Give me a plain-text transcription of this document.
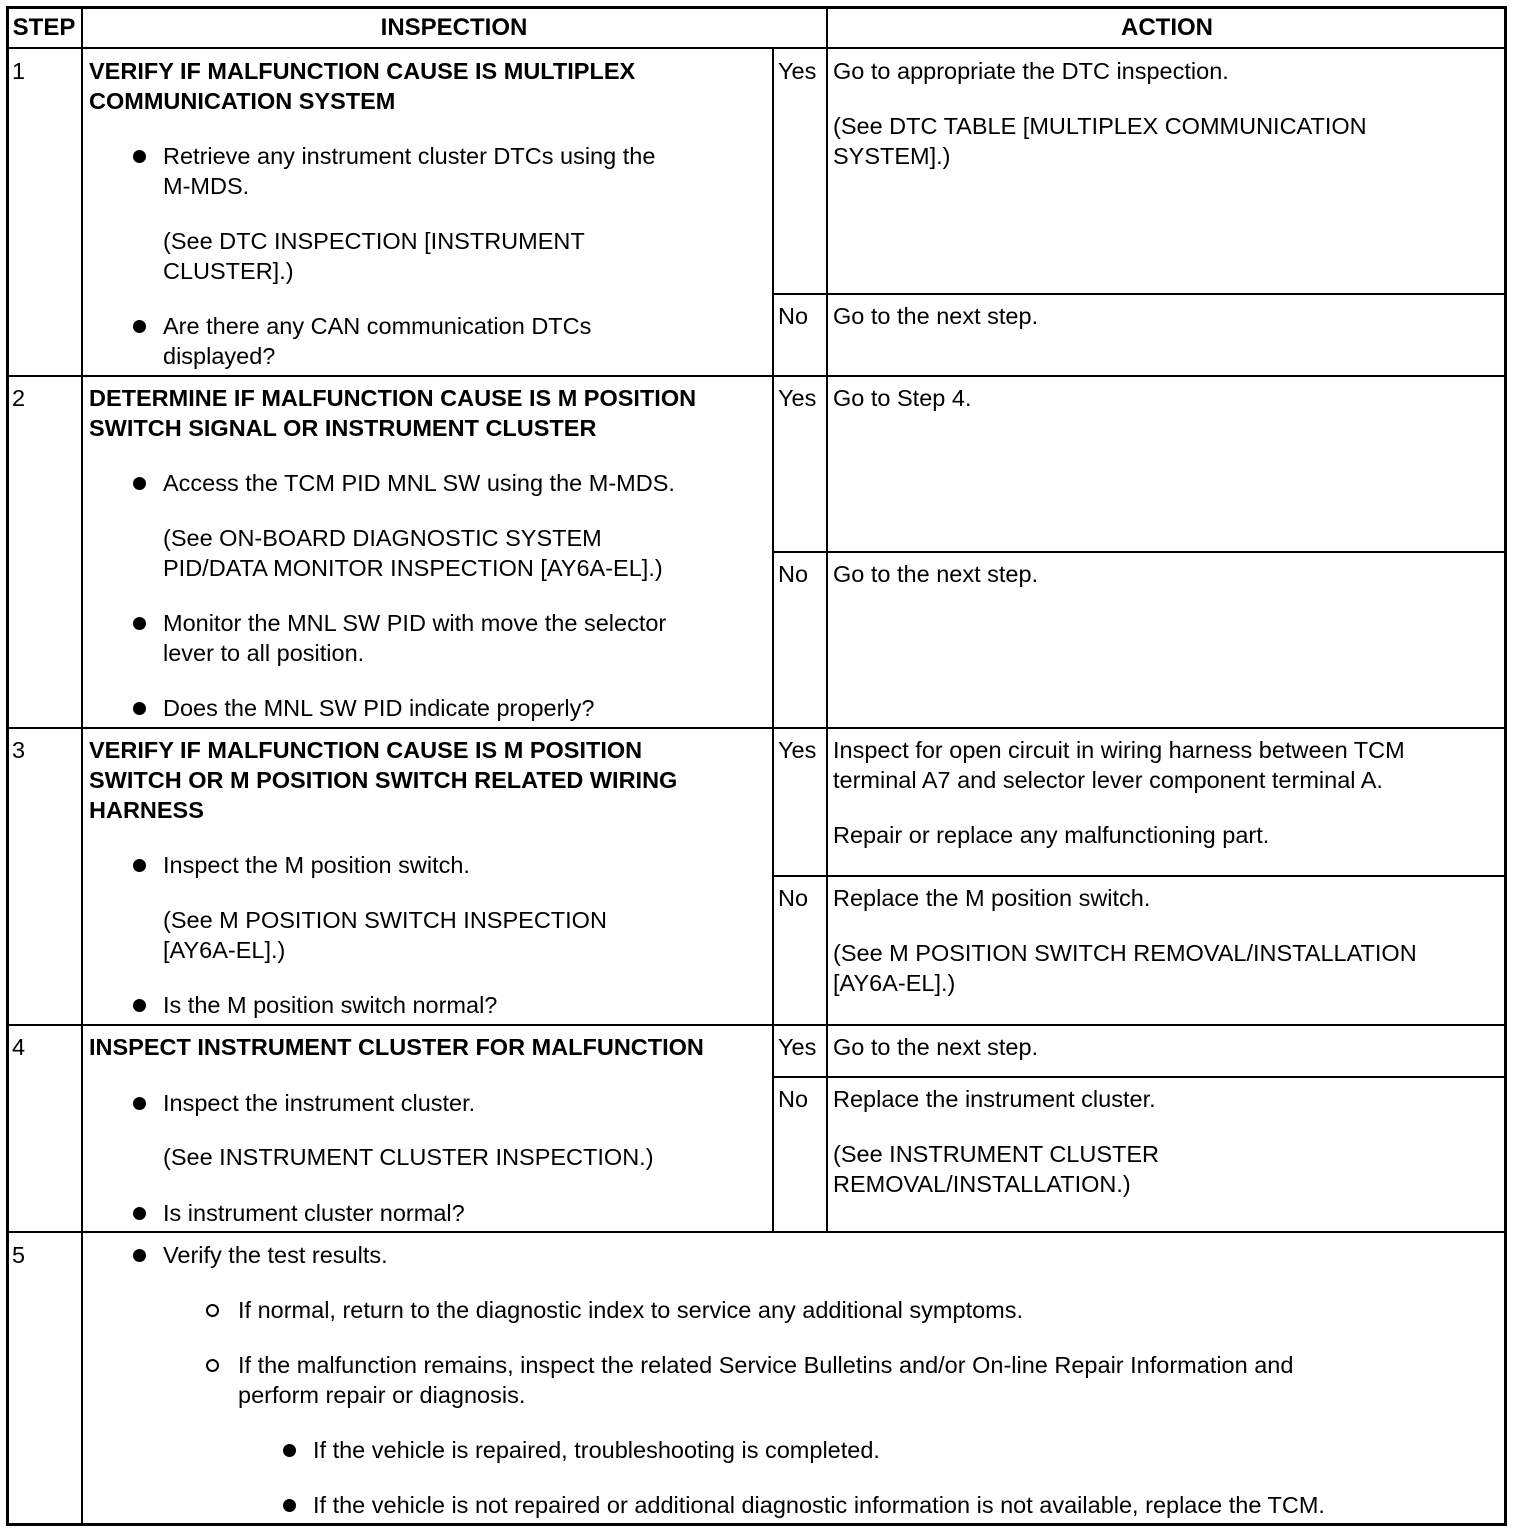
STEP	INSPECTION	ACTION
1	VERIFY IF MALFUNCTION CAUSE IS MULTIPLEX
COMMUNICATION SYSTEM
Retrieve any instrument cluster DTCs using the
M-MDS.
(See DTC INSPECTION [INSTRUMENT
CLUSTER].)
Are there any CAN communication DTCs
displayed?
Yes Go to appropriate the DTC inspection.
(See DTC TABLE [MULTIPLEX COMMUNICATION
SYSTEM].)
No Go to the next step.
2	DETERMINE IF MALFUNCTION CAUSE IS M POSITION
SWITCH SIGNAL OR INSTRUMENT CLUSTER
Access the TCM PID MNL SW using the M-MDS.
(See ON-BOARD DIAGNOSTIC SYSTEM
PID/DATA MONITOR INSPECTION [AY6A-EL].)
Monitor the MNL SW PID with move the selector
lever to all position.
Does the MNL SW PID indicate properly?
Yes Go to Step 4.
No Go to the next step.
3	VERIFY IF MALFUNCTION CAUSE IS M POSITION
SWITCH OR M POSITION SWITCH RELATED WIRING
HARNESS
Inspect the M position switch.
(See M POSITION SWITCH INSPECTION
[AY6A-EL].)
Is the M position switch normal?
Yes Inspect for open circuit in wiring harness between TCM
terminal A7 and selector lever component terminal A.
Repair or replace any malfunctioning part.
No Replace the M position switch.
(See M POSITION SWITCH REMOVAL/INSTALLATION
[AY6A-EL].)
4	INSPECT INSTRUMENT CLUSTER FOR MALFUNCTION
Inspect the instrument cluster.
(See INSTRUMENT CLUSTER INSPECTION.)
Is instrument cluster normal?
Yes Go to the next step.
No Replace the instrument cluster.
(See INSTRUMENT CLUSTER
REMOVAL/INSTALLATION.)
5	Verify the test results.
If normal, return to the diagnostic index to service any additional symptoms.
If the malfunction remains, inspect the related Service Bulletins and/or On-line Repair Information and
perform repair or diagnosis.
If the vehicle is repaired, troubleshooting is completed.
If the vehicle is not repaired or additional diagnostic information is not available, replace the TCM.
